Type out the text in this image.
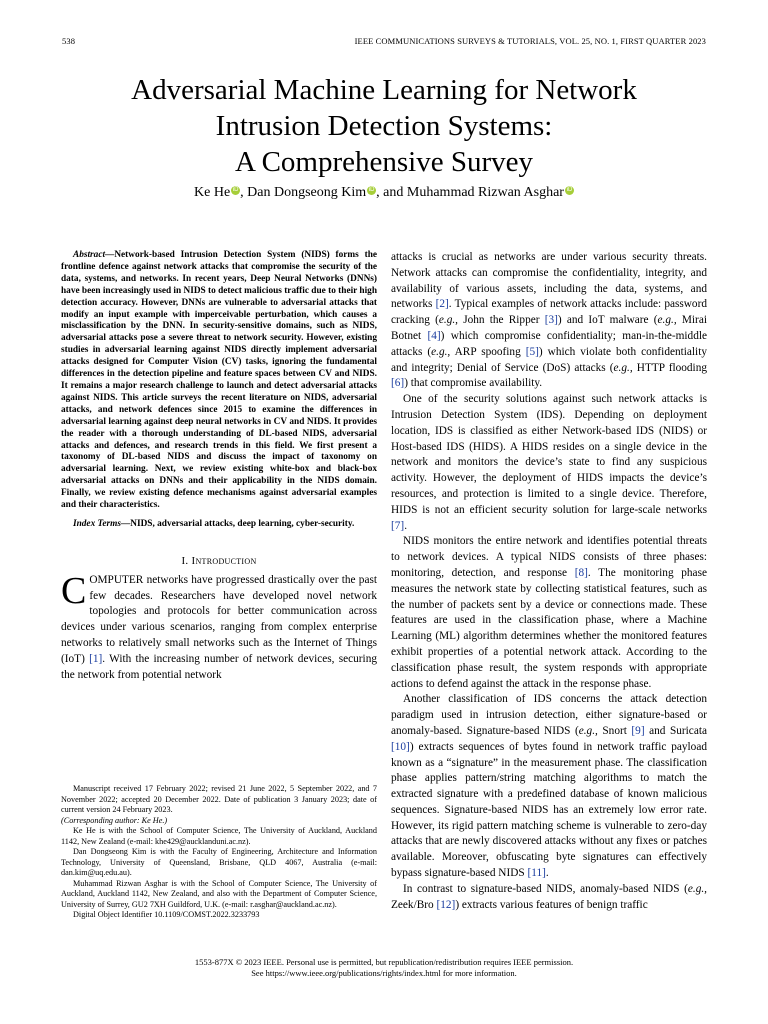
538	IEEE COMMUNICATIONS SURVEYS & TUTORIALS, VOL. 25, NO. 1, FIRST QUARTER 2023
Adversarial Machine Learning for Network
Intrusion Detection Systems:
A Comprehensive Survey
Ke He iD , Dan Dongseong Kim iD , and Muhammad Rizwan Asghar iD

Abstract—Network-based Intrusion Detection System (NIDS) forms the frontline defence against network attacks that compromise the security of the data, systems, and networks. In recent years, Deep Neural Networks (DNNs) have been increasingly used in NIDS to detect malicious traffic due to their high detection accuracy. However, DNNs are vulnerable to adversarial attacks that modify an input example with imperceivable perturbation, which causes a misclassification by the DNN. In security-sensitive domains, such as NIDS, adversarial attacks pose a severe threat to network security. However, existing studies in adversarial learning against NIDS directly implement adversarial attacks designed for Computer Vision (CV) tasks, ignoring the fundamental differences in the detection pipeline and feature spaces between CV and NIDS. It remains a major research challenge to launch and detect adversarial attacks against NIDS. This article surveys the recent literature on NIDS, adversarial attacks, and network defences since 2015 to examine the differences in adversarial learning against deep neural networks in CV and NIDS. It provides the reader with a thorough understanding of DL-based NIDS, adversarial attacks and defences, and research trends in this field. We first present a taxonomy of DL-based NIDS and discuss the impact of taxonomy on adversarial learning. Next, we review existing white-box and black-box adversarial attacks on DNNs and their applicability in the NIDS domain. Finally, we review existing defence mechanisms against adversarial examples and their characteristics.

Index Terms—NIDS, adversarial attacks, deep learning, cyber-security.

I. Introduction

COMPUTER networks have progressed drastically over the past few decades. Researchers have developed novel network topologies and protocols for better communication across devices under various scenarios, ranging from complex enterprise networks to relatively small networks such as the Internet of Things (IoT) [1]. With the increasing number of network devices, securing the network from potential network

Manuscript received 17 February 2022; revised 21 June 2022, 5 September 2022, and 7 November 2022; accepted 20 December 2022. Date of publication 3 January 2023; date of current version 24 February 2023.
(Corresponding author: Ke He.)

Ke He is with the School of Computer Science, The University of Auckland, Auckland 1142, New Zealand (e-mail: khe429@aucklanduni.ac.nz).

Dan Dongseong Kim is with the Faculty of Engineering, Architecture and Information Technology, University of Queensland, Brisbane, QLD 4067, Australia (e-mail: dan.kim@uq.edu.au).

Muhammad Rizwan Asghar is with the School of Computer Science, The University of Auckland, Auckland 1142, New Zealand, and also with the Department of Computer Science, University of Surrey, GU2 7XH Guildford, U.K. (e-mail: r.asghar@auckland.ac.nz).

Digital Object Identifier 10.1109/COMST.2022.3233793

attacks is crucial as networks are under various security threats. Network attacks can compromise the confidentiality, integrity, and availability of various assets, including the data, systems, and networks [2]. Typical examples of network attacks include: password cracking (e.g., John the Ripper [3]) and IoT malware (e.g., Mirai Botnet [4]) which compromise confidentiality; man-in-the-middle attacks (e.g., ARP spoofing [5]) which violate both confidentiality and integrity; Denial of Service (DoS) attacks (e.g., HTTP flooding [6]) that compromise availability.

One of the security solutions against such network attacks is Intrusion Detection System (IDS). Depending on deployment location, IDS is classified as either Network-based IDS (NIDS) or Host-based IDS (HIDS). A HIDS resides on a single device in the network and monitors the device’s state to find any suspicious activity. However, the deployment of HIDS impacts the device’s resources, and protection is limited to a single device. Therefore, HIDS is not an efficient security solution for large-scale networks [7].

NIDS monitors the entire network and identifies potential threats to network devices. A typical NIDS consists of three phases: monitoring, detection, and response [8]. The monitoring phase measures the network state by collecting statistical features, such as the number of packets sent by a device or connections made. These features are used in the classification phase, where a Machine Learning (ML) algorithm determines whether the monitored features exhibit properties of a potential network attack. According to the classification phase result, the system responds with appropriate actions to defend against the attack in the response phase.

Another classification of IDS concerns the attack detection paradigm used in intrusion detection, either signature-based or anomaly-based. Signature-based NIDS (e.g., Snort [9] and Suricata [10]) extracts sequences of bytes found in network traffic payload known as a “signature” in the measurement phase. The classification phase applies pattern/string matching algorithms to match the extracted signature with a predefined database of known malicious sequences. Signature-based NIDS has an extremely low error rate. However, its rigid pattern matching scheme is vulnerable to zero-day attacks that are newly discovered attacks without any fixes or patches available. Moreover, obfuscating byte signatures can effectively bypass signature-based NIDS [11].

In contrast to signature-based NIDS, anomaly-based NIDS (e.g., Zeek/Bro [12]) extracts various features of benign traffic

1553-877X © 2023 IEEE. Personal use is permitted, but republication/redistribution requires IEEE permission.
See https://www.ieee.org/publications/rights/index.html for more information.
